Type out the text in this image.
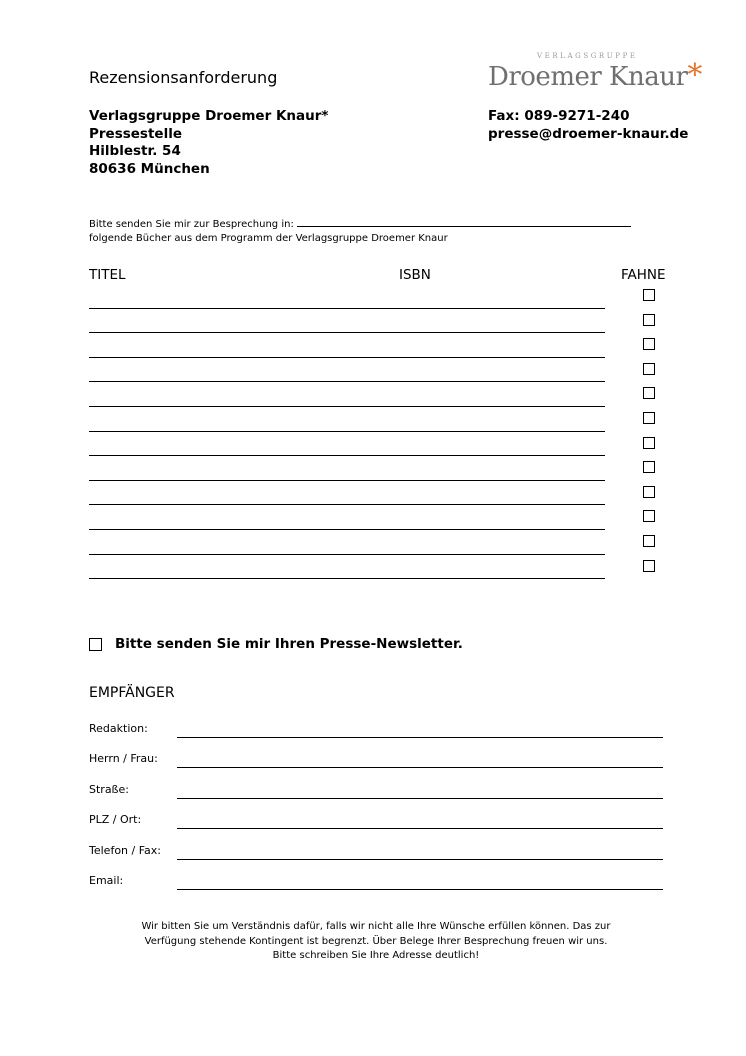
Rezensionsanforderung
VERLAGSGRUPPE
Droemer Knaur*
Verlagsgruppe Droemer Knaur*
Pressestelle
Hilblestr. 54
80636 München
Fax: 089-9271-240
presse@droemer-knaur.de
Bitte senden Sie mir zur Besprechung in:
folgende Bücher aus dem Programm der Verlagsgruppe Droemer Knaur
TITEL	ISBN	FAHNE
Bitte senden Sie mir Ihren Presse-Newsletter.
EMPFÄNGER
Redaktion:
Herrn / Frau:
Straße:
PLZ / Ort:
Telefon / Fax:
Email:
Wir bitten Sie um Verständnis dafür, falls wir nicht alle Ihre Wünsche erfüllen können. Das zur
Verfügung stehende Kontingent ist begrenzt. Über Belege Ihrer Besprechung freuen wir uns.
Bitte schreiben Sie Ihre Adresse deutlich!
